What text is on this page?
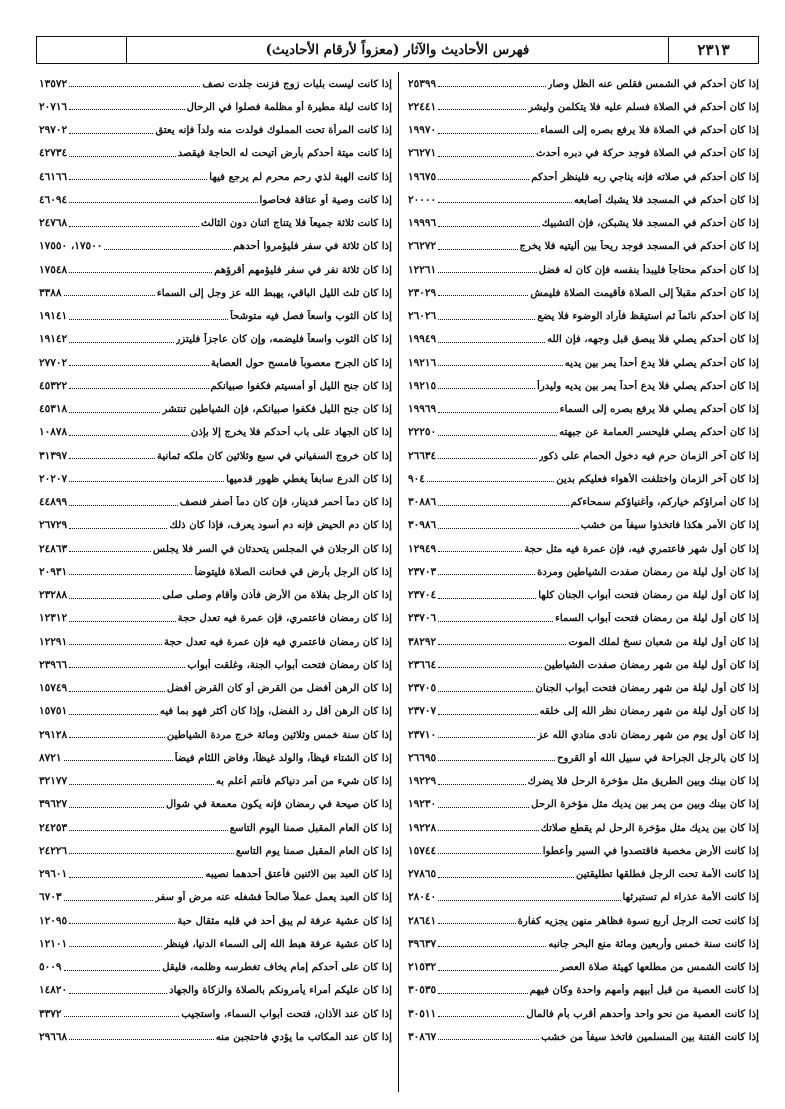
٢٣١٣
فهرس الأحاديث والآثار (معزواً لأرقام الأحاديث)
إذا كان أحدكم في الشمس فقلص عنه الظل وصار
٢٥٣٩٩
إذا كان أحدكم في الصلاة فسلم عليه فلا يتكلمن وليشر
٢٢٤٤١
إذا كان أحدكم في الصلاة فلا يرفع بصره إلى السماء
١٩٩٧٠
إذا كان أحدكم في الصلاة فوجد حركة في دبره أحدث
٢٦٢٧١
إذا كان أحدكم في صلاته فإنه يناجي ربه فلينظر أحدكم
١٩٦٧٥
إذا كان أحدكم في المسجد فلا يشبك أصابعه
٢٠٠٠٠
إذا كان أحدكم في المسجد فلا يشبكن، فإن التشبيك
١٩٩٩٦
إذا كان أحدكم في المسجد فوجد ريحاً بين أليتيه فلا يخرج
٢٦٢٧٢
إذا كان أحدكم محتاجاً فليبدأ بنفسه فإن كان له فضل
١٢٢٦١
إذا كان أحدكم مقبلاً إلى الصلاة فأقيمت الصلاة فليمش
٢٣٠٢٩
إذا كان أحدكم نائماً ثم استيقظ فأراد الوضوء فلا يضع
٢٦٠٢٦
إذا كان أحدكم يصلي فلا يبصق قبل وجهه، فإن الله
١٩٩٤٩
إذا كان أحدكم يصلي فلا يدع أحداً يمر بين يديه
١٩٢١٦
إذا كان أحدكم يصلي فلا يدع أحداً يمر بين يديه وليدرأ
١٩٢١٥
إذا كان أحدكم يصلي فلا يرفع بصره إلى السماء
١٩٩٦٩
إذا كان أحدكم يصلي فليحسر العمامة عن جبهته
٢٢٢٥٠
إذا كان آخر الزمان حرم فيه دخول الحمام على ذكور
٢٦٦٣٤
إذا كان آخر الزمان واختلفت الأهواء فعليكم بدين
٩٠٤
إذا كان أمراؤكم خياركم، وأغنياؤكم سمحاءكم
٣٠٨٨٦
إذا كان الأمر هكذا فاتخذوا سيفاً من خشب
٣٠٩٨٦
إذا كان أول شهر فاعتمري فيه، فإن عمرة فيه مثل حجة
١٢٩٤٩
إذا كان أول ليلة من رمضان صفدت الشياطين ومردة
٢٣٧٠٣
إذا كان أول ليلة من رمضان فتحت أبواب الجنان كلها
٢٣٧٠٤
إذا كان أول ليلة من رمضان فتحت أبواب السماء
٢٣٧٠٦
إذا كان أول ليلة من شعبان نسخ لملك الموت
٣٨٢٩٢
إذا كان أول ليلة من شهر رمضان صفدت الشياطين
٢٣٦٦٤
إذا كان أول ليلة من شهر رمضان فتحت أبواب الجنان
٢٣٧٠٥
إذا كان أول ليلة من شهر رمضان نظر الله إلى خلقه
٢٣٧٠٧
إذا كان أول يوم من شهر رمضان نادى منادي الله عز
٢٣٧١٠
إذا كان بالرجل الجراحة في سبيل الله أو القروح
٢٦٦٩٥
إذا كان بينك وبين الطريق مثل مؤخرة الرحل فلا يضرك
١٩٢٢٩
إذا كان بينك وبين من يمر بين يديك مثل مؤخرة الرحل
١٩٢٣٠
إذا كان بين يديك مثل مؤخرة الرحل لم يقطع صلاتك
١٩٢٢٨
إذا كانت الأرض مخصبة فاقتصدوا في السير وأعطوا
١٥٧٤٤
إذا كانت الأمة تحت الرجل فطلقها تطليقتين
٢٧٨٦٥
إذا كانت الأمة عذراء لم تستبرئها
٢٨٠٤٠
إذا كانت تحت الرجل أربع نسوة فظاهر منهن يجزيه كفارة
٢٨٦٤١
إذا كانت سنة خمس وأربعين ومائة منع البحر جانبه
٣٩٦٣٧
إذا كانت الشمس من مطلعها كهيئة صلاة العصر
٢١٥٣٢
إذا كانت العصبة من قبل أبيهم وأمهم واحدة وكان فيهم
٣٠٥٣٥
إذا كانت العصبة من نحو واحد وأحدهم أقرب بأم فالمال
٣٠٥١١
إذا كانت الفتنة بين المسلمين فاتخذ سيفاً من خشب
٣٠٨٦٧
إذا كانت ليست بلبات زوج فزنت جلدت نصف
١٣٥٧٢
إذا كانت ليلة مطيرة أو مظلمة فصلوا في الرحال
٢٠٧١٦
إذا كانت المرأة تحت المملوك فولدت منه ولداً فإنه يعتق
٢٩٧٠٢
إذا كانت ميتة أحدكم بأرض أتيحت له الحاجة فيقصد
٤٢٧٣٤
إذا كانت الهبة لذي رحم محرم لم يرجع فيها
٤٦١٦٦
إذا كانت وصية أو عتاقة فحاصوا
٤٦٠٩٤
إذا كانت ثلاثة جميعاً فلا يتناج اثنان دون الثالث
٢٤٧٦٨
إذا كان ثلاثة في سفر فليؤمروا أحدهم
١٧٥٠٠، ١٧٥٥٠
إذا كان ثلاثة نفر في سفر فليؤمهم أقرؤهم
١٧٥٤٨
إذا كان ثلث الليل الباقي، يهبط الله عز وجل إلى السماء
٣٣٨٨
إذا كان الثوب واسعاً فصل فيه متوشحاً
١٩١٤١
إذا كان الثوب واسعاً فليضمه، وإن كان عاجزاً فليتزر
١٩١٤٢
إذا كان الجرح معصوباً فامسح حول العصابة
٢٧٧٠٢
إذا كان جنح الليل أو أمسيتم فكفوا صبيانكم
٤٥٣٢٢
إذا كان جنح الليل فكفوا صبيانكم، فإن الشياطين تنتشر
٤٥٣١٨
إذا كان الجهاد على باب أحدكم فلا يخرج إلا بإذن
١٠٨٧٨
إذا كان خروج السفياني في سبع وثلاثين كان ملكه ثمانية
٣١٣٩٧
إذا كان الدرع سابغاً يغطي ظهور قدميها
٢٠٢٠٧
إذا كان دماً أحمر فدينار، فإن كان دماً أصفر فنصف
٤٤٨٩٩
إذا كان دم الحيض فإنه دم أسود يعرف، فإذا كان ذلك
٢٦٧٢٩
إذا كان الرجلان في المجلس يتحدثان في السر فلا يجلس
٢٤٨٦٣
إذا كان الرجل بأرض قي فحانت الصلاة فليتوضأ
٢٠٩٣١
إذا كان الرجل بفلاة من الأرض فأذن وأقام وصلى صلى
٢٣٢٨٨
إذا كان رمضان فاعتمري، فإن عمرة فيه تعدل حجة
١٢٣١٢
إذا كان رمضان فاعتمري فيه فإن عمرة فيه تعدل حجة
١٢٢٩١
إذا كان رمضان فتحت أبواب الجنة، وغلقت أبواب
٢٣٩٦٦
إذا كان الرهن أفضل من القرض أو كان القرض أفضل
١٥٧٤٩
إذا كان الرهن أقل رد الفضل، وإذا كان أكثر فهو بما فيه
١٥٧٥١
إذا كان سنة خمس وثلاثين ومائة خرج مردة الشياطين
٢٩١٢٨
إذا كان الشتاء قيظاً، والولد غيظاً، وفاض اللئام فيضاً
٨٧٢١
إذا كان شيء من أمر دنياكم فأنتم أعلم به
٣٢١٧٧
إذا كان صيحة في رمضان فإنه يكون معمعة في شوال
٣٩٦٢٧
إذا كان العام المقبل صمنا اليوم التاسع
٢٤٢٥٣
إذا كان العام المقبل صمنا يوم التاسع
٢٤٢٢٦
إذا كان العبد بين الاثنين فأعتق أحدهما نصيبه
٢٩٦٠١
إذا كان العبد يعمل عملاً صالحاً فشغله عنه مرض أو سفر
٦٧٠٣
إذا كان عشية عرفة لم يبق أحد في قلبه مثقال حبة
١٢٠٩٥
إذا كان عشية عرفة هبط الله إلى السماء الدنيا، فينظر
١٢١٠١
إذا كان على أحدكم إمام يخاف تغطرسه وظلمه، فليقل
٥٠٠٩
إذا كان عليكم أمراء يأمرونكم بالصلاة والزكاة والجهاد
١٤٨٢٠
إذا كان عند الأذان، فتحت أبواب السماء، واستجيب
٣٣٧٢
إذا كان عند المكاتب ما يؤدي فاحتجبن منه
٢٩٦٦٨
